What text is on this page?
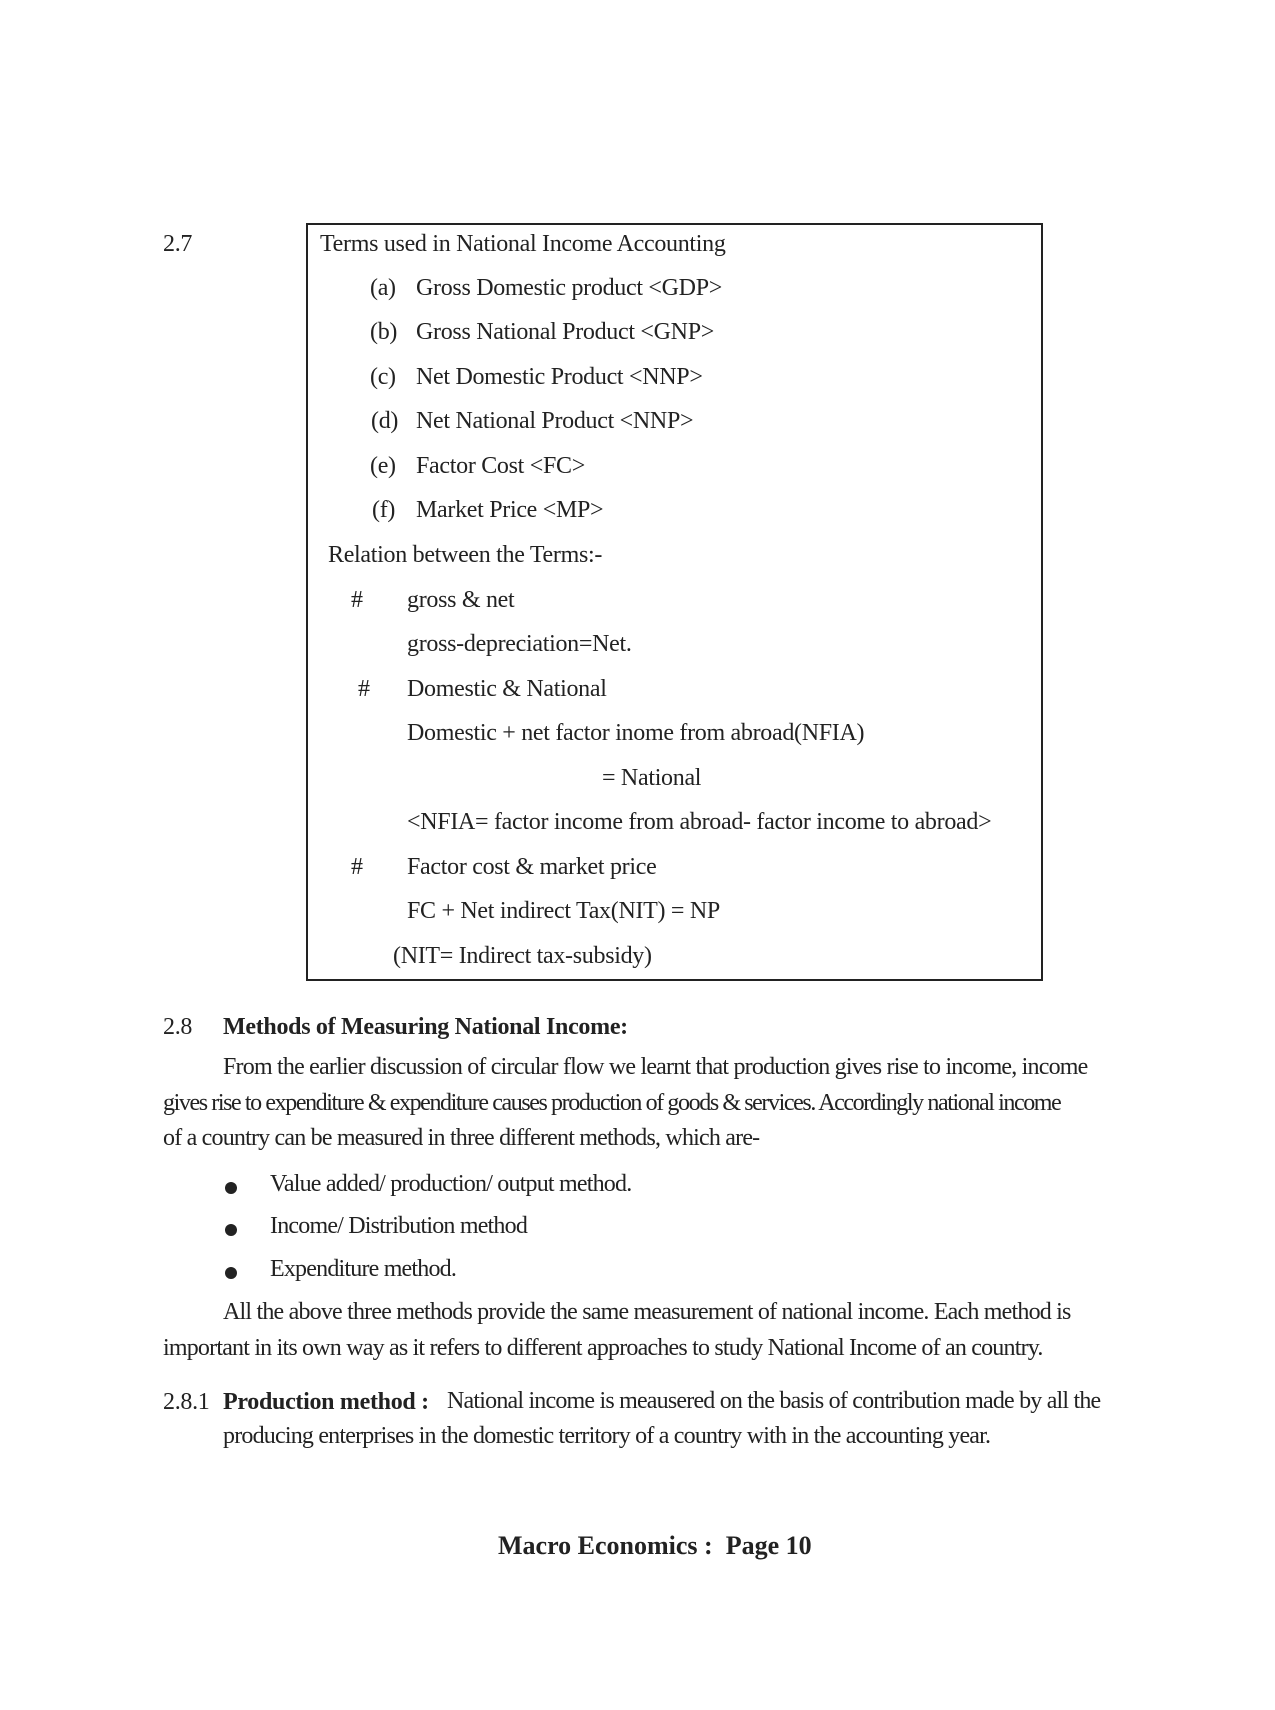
2.7	Terms used in National Income Accounting
(a) Gross Domestic product <GDP>
(b) Gross National Product <GNP>
(c) Net Domestic Product <NNP>
(d) Net National Product <NNP>
(e) Factor Cost <FC>
(f) Market Price <MP>
Relation between the Terms:-
# gross & net
gross-depreciation=Net.
# Domestic & National
Domestic + net factor inome from abroad(NFIA)
= National
<NFIA= factor income from abroad- factor income to abroad>
# Factor cost & market price
FC + Net indirect Tax(NIT) = NP
(NIT= Indirect tax-subsidy)
2.8 Methods of Measuring National Income:
From the earlier discussion of circular flow we learnt that production gives rise to income, income
gives rise to expenditure & expenditure causes production of goods & services. Accordingly national income
of a country can be measured in three different methods, which are-
Value added/ production/ output method.
Income/ Distribution method
Expenditure method.
All the above three methods provide the same measurement of national income. Each method is
important in its own way as it refers to different approaches to study National Income of an country.
2.8.1 Production method : National income is meausered on the basis of contribution made by all the
producing enterprises in the domestic territory of a country with in the accounting year.
Macro Economics :  Page 10
